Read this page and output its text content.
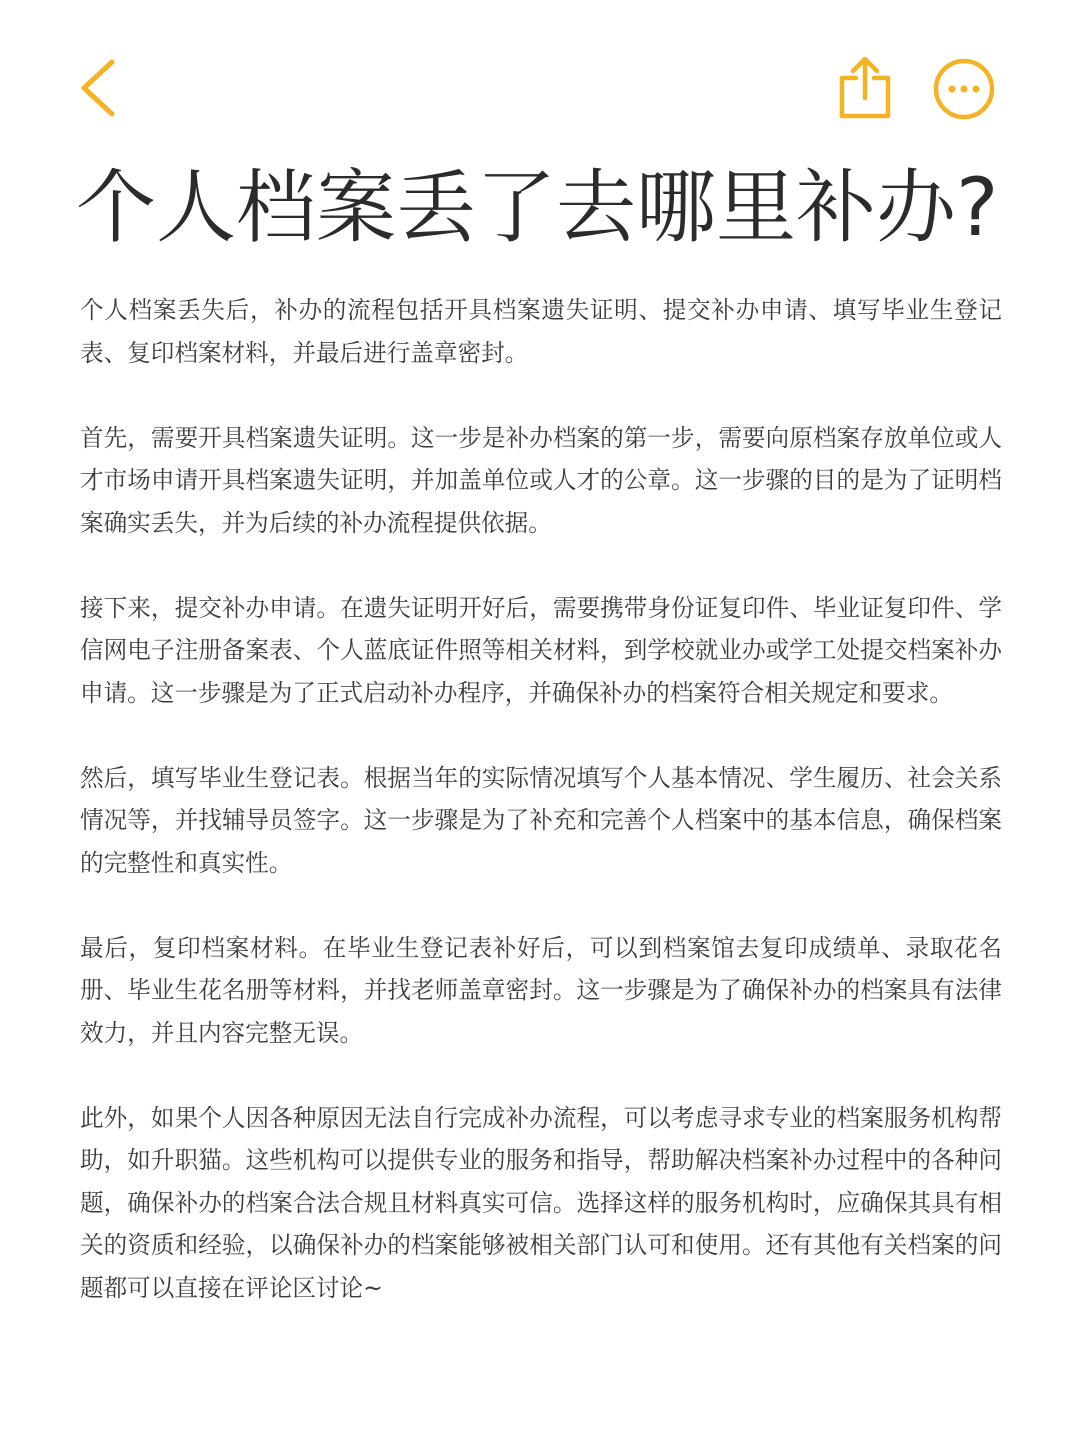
个人档案丢了去哪里补办?

个人档案丢失后，补办的流程包括开具档案遗失证明、提交补办申请、填写毕业生登记表、复印档案材料，并最后进行盖章密封。

首先，需要开具档案遗失证明。这一步是补办档案的第一步，需要向原档案存放单位或人才市场申请开具档案遗失证明，并加盖单位或人才的公章。这一步骤的目的是为了证明档案确实丢失，并为后续的补办流程提供依据。

接下来，提交补办申请。在遗失证明开好后，需要携带身份证复印件、毕业证复印件、学信网电子注册备案表、个人蓝底证件照等相关材料，到学校就业办或学工处提交档案补办申请。这一步骤是为了正式启动补办程序，并确保补办的档案符合相关规定和要求。

然后，填写毕业生登记表。根据当年的实际情况填写个人基本情况、学生履历、社会关系情况等，并找辅导员签字。这一步骤是为了补充和完善个人档案中的基本信息，确保档案的完整性和真实性。

最后，复印档案材料。在毕业生登记表补好后，可以到档案馆去复印成绩单、录取花名册、毕业生花名册等材料，并找老师盖章密封。这一步骤是为了确保补办的档案具有法律效力，并且内容完整无误。

此外，如果个人因各种原因无法自行完成补办流程，可以考虑寻求专业的档案服务机构帮助，如升职猫。这些机构可以提供专业的服务和指导，帮助解决档案补办过程中的各种问题，确保补办的档案合法合规且材料真实可信。选择这样的服务机构时，应确保其具有相关的资质和经验，以确保补办的档案能够被相关部门认可和使用。还有其他有关档案的问题都可以直接在评论区讨论~
